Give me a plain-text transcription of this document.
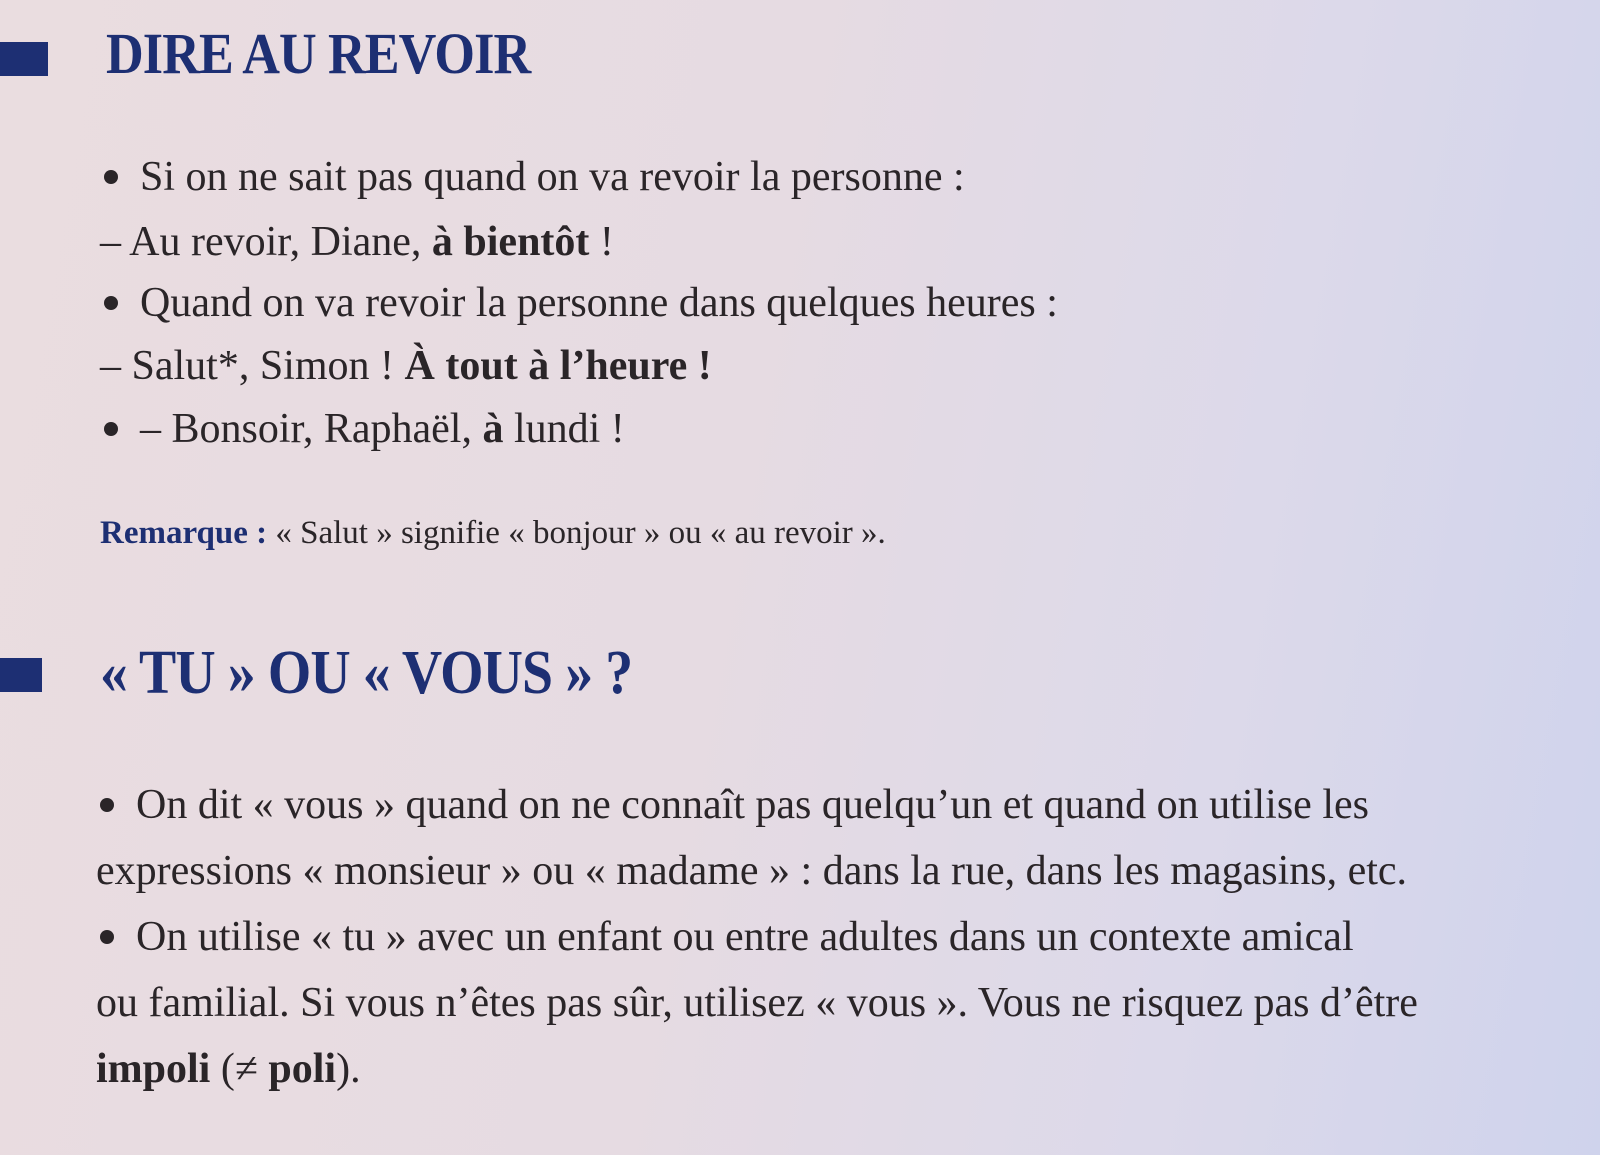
DIRE AU REVOIR
Si on ne sait pas quand on va revoir la personne :
– Au revoir, Diane, à bientôt !
Quand on va revoir la personne dans quelques heures :
– Salut*, Simon ! À tout à l’heure !
– Bonsoir, Raphaël, à lundi !
Remarque : « Salut » signifie « bonjour » ou « au revoir ».
« TU » OU « VOUS » ?
On dit « vous » quand on ne connaît pas quelqu’un et quand on utilise les
expressions « monsieur » ou « madame » : dans la rue, dans les magasins, etc.
On utilise « tu » avec un enfant ou entre adultes dans un contexte amical
ou familial. Si vous n’êtes pas sûr, utilisez « vous ». Vous ne risquez pas d’être
impoli (≠ poli).
